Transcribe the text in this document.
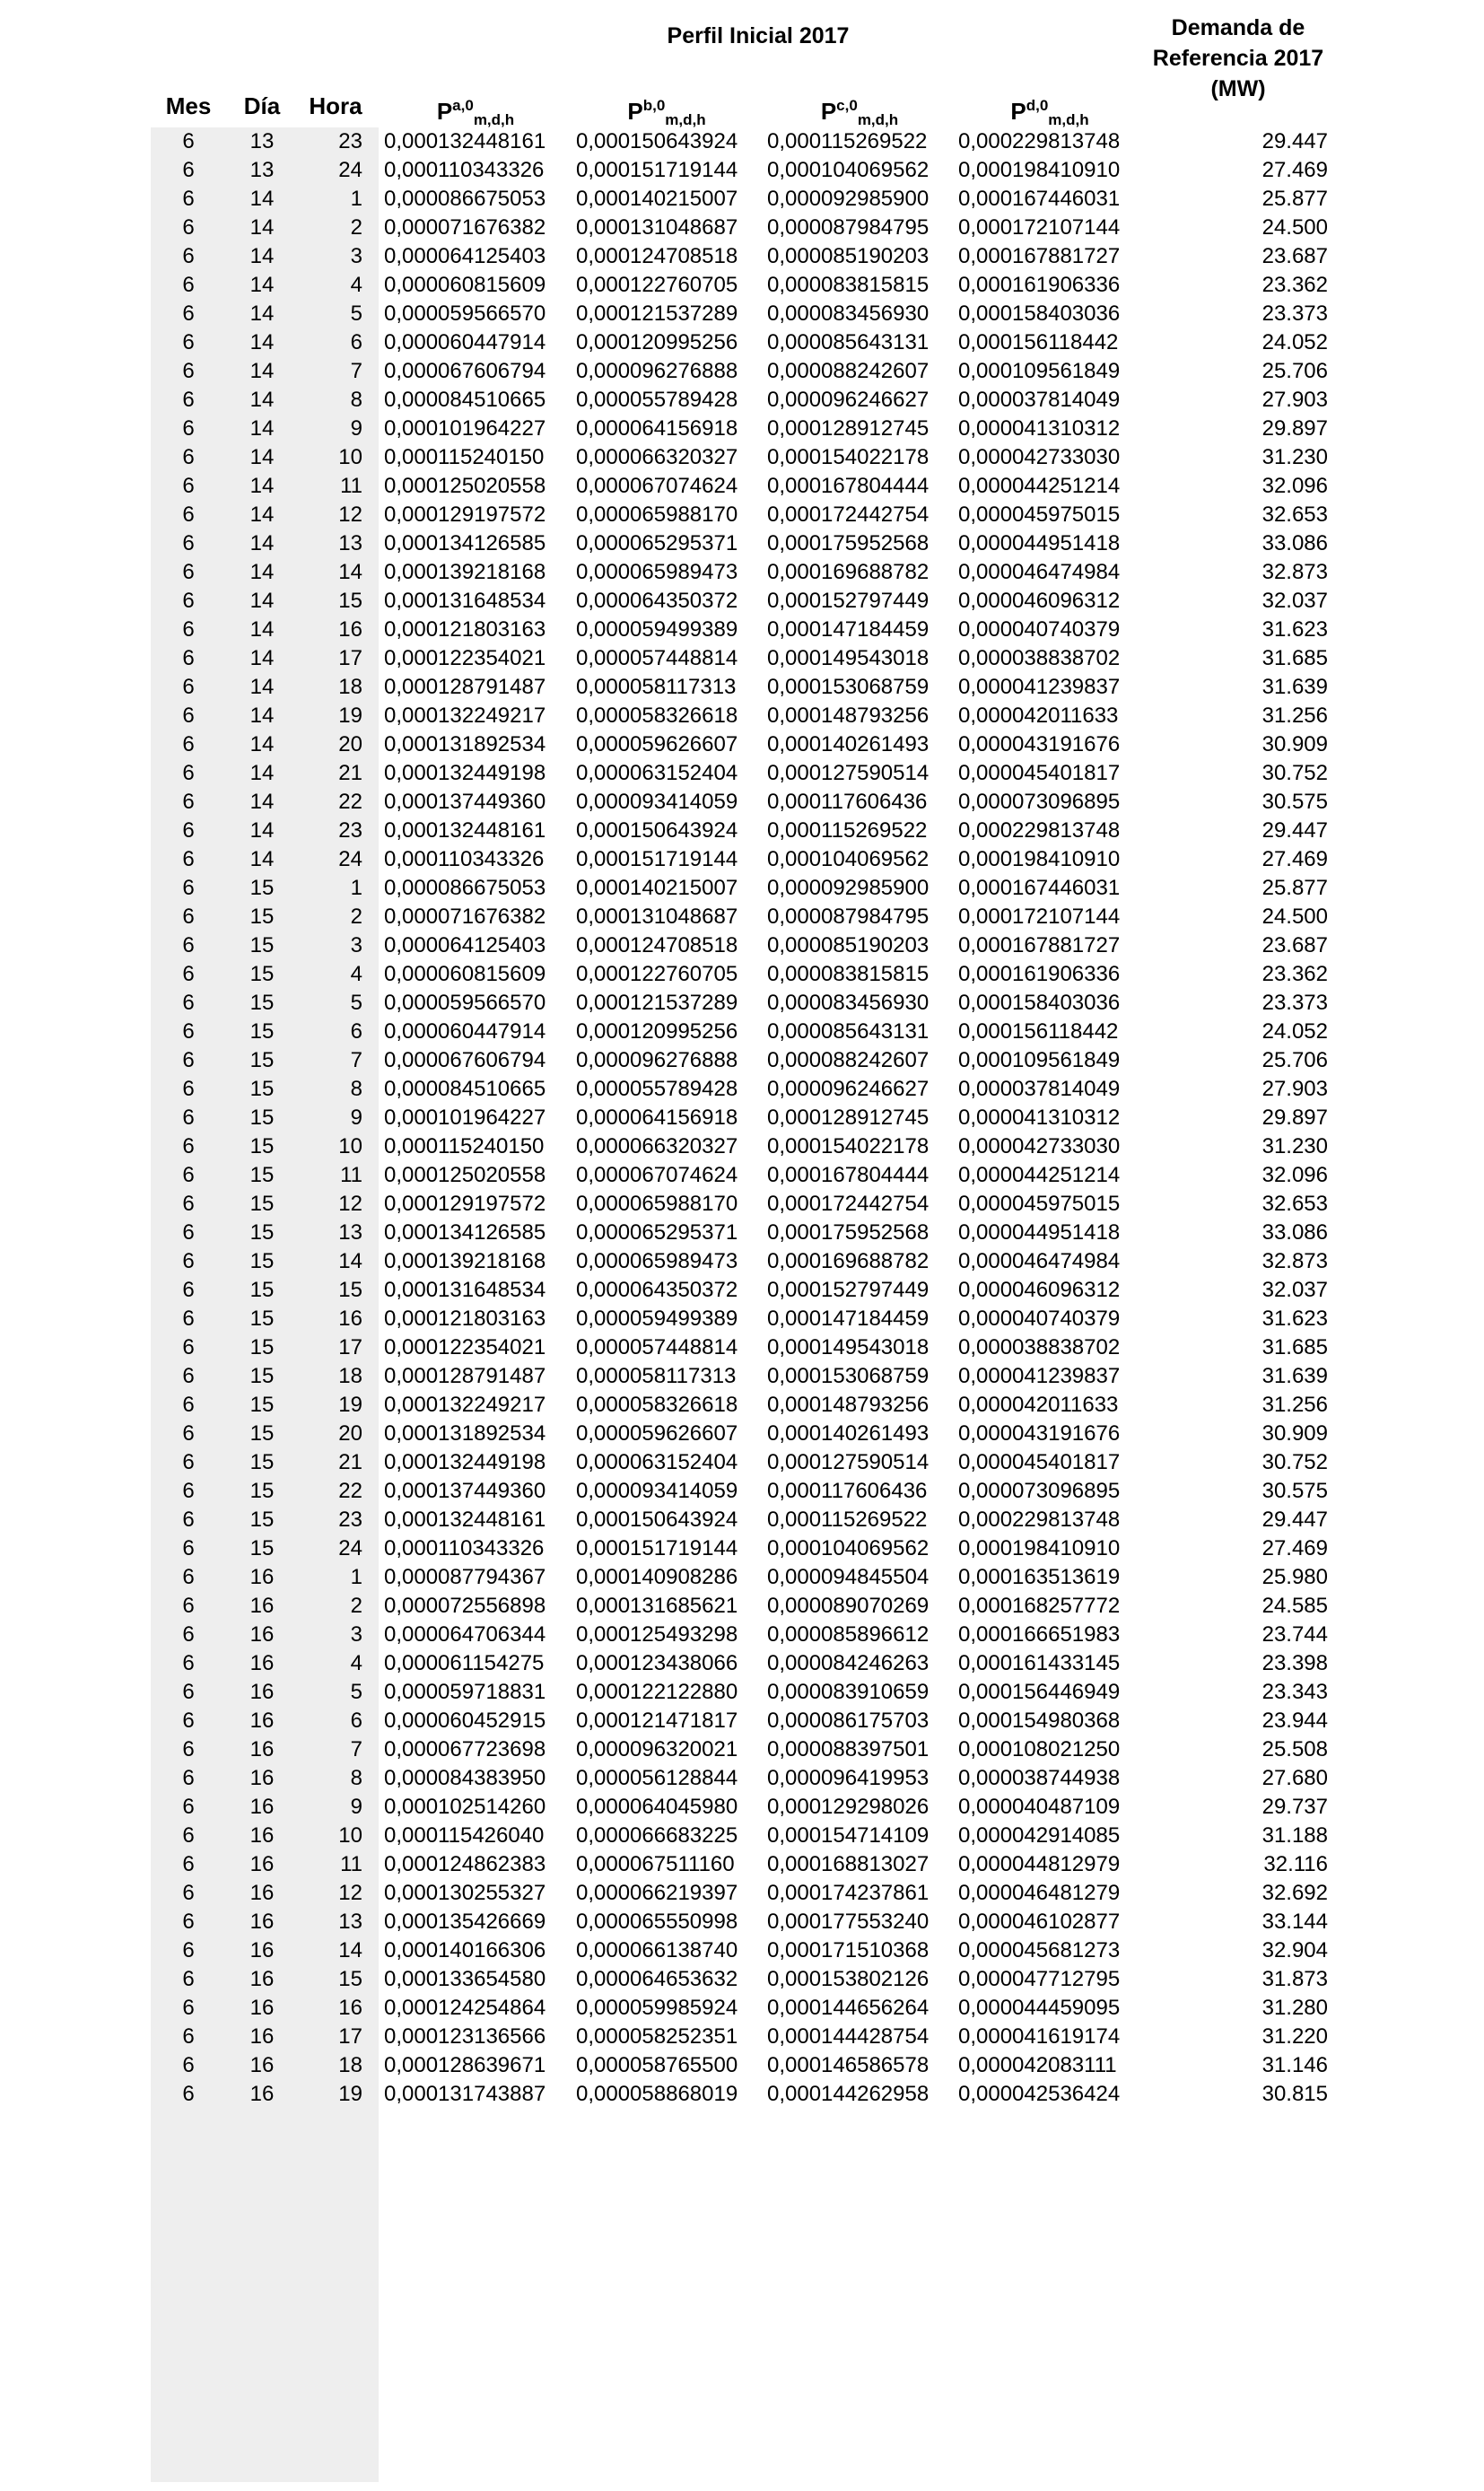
Perfil Inicial 2017	Demanda de
Referencia 2017
(MW)
Mes	Día	Hora	P$^{a,0}_{m,d,h}$	P$^{b,0}_{m,d,h}$	P$^{c,0}_{m,d,h}$	P$^{d,0}_{m,d,h}$
6	13	23 0,000132448161	0,000150643924	0,000115269522	0,000229813748	29.447
6	13	24 0,000110343326	0,000151719144	0,000104069562	0,000198410910	27.469
6	14	1 0,000086675053	0,000140215007	0,000092985900	0,000167446031	25.877
6	14	2 0,000071676382	0,000131048687	0,000087984795	0,000172107144	24.500
6	14	3 0,000064125403	0,000124708518	0,000085190203	0,000167881727	23.687
6	14	4 0,000060815609	0,000122760705	0,000083815815	0,000161906336	23.362
6	14	5 0,000059566570	0,000121537289	0,000083456930	0,000158403036	23.373
6	14	6 0,000060447914	0,000120995256	0,000085643131	0,000156118442	24.052
6	14	7 0,000067606794	0,000096276888	0,000088242607	0,000109561849	25.706
6	14	8 0,000084510665	0,000055789428	0,000096246627	0,000037814049	27.903
6	14	9 0,000101964227	0,000064156918	0,000128912745	0,000041310312	29.897
6	14	10 0,000115240150	0,000066320327	0,000154022178	0,000042733030	31.230
6	14	11 0,000125020558	0,000067074624	0,000167804444	0,000044251214	32.096
6	14	12 0,000129197572	0,000065988170	0,000172442754	0,000045975015	32.653
6	14	13 0,000134126585	0,000065295371	0,000175952568	0,000044951418	33.086
6	14	14 0,000139218168	0,000065989473	0,000169688782	0,000046474984	32.873
6	14	15 0,000131648534	0,000064350372	0,000152797449	0,000046096312	32.037
6	14	16 0,000121803163	0,000059499389	0,000147184459	0,000040740379	31.623
6	14	17 0,000122354021	0,000057448814	0,000149543018	0,000038838702	31.685
6	14	18 0,000128791487	0,000058117313	0,000153068759	0,000041239837	31.639
6	14	19 0,000132249217	0,000058326618	0,000148793256	0,000042011633	31.256
6	14	20 0,000131892534	0,000059626607	0,000140261493	0,000043191676	30.909
6	14	21 0,000132449198	0,000063152404	0,000127590514	0,000045401817	30.752
6	14	22 0,000137449360	0,000093414059	0,000117606436	0,000073096895	30.575
6	14	23 0,000132448161	0,000150643924	0,000115269522	0,000229813748	29.447
6	14	24 0,000110343326	0,000151719144	0,000104069562	0,000198410910	27.469
6	15	1 0,000086675053	0,000140215007	0,000092985900	0,000167446031	25.877
6	15	2 0,000071676382	0,000131048687	0,000087984795	0,000172107144	24.500
6	15	3 0,000064125403	0,000124708518	0,000085190203	0,000167881727	23.687
6	15	4 0,000060815609	0,000122760705	0,000083815815	0,000161906336	23.362
6	15	5 0,000059566570	0,000121537289	0,000083456930	0,000158403036	23.373
6	15	6 0,000060447914	0,000120995256	0,000085643131	0,000156118442	24.052
6	15	7 0,000067606794	0,000096276888	0,000088242607	0,000109561849	25.706
6	15	8 0,000084510665	0,000055789428	0,000096246627	0,000037814049	27.903
6	15	9 0,000101964227	0,000064156918	0,000128912745	0,000041310312	29.897
6	15	10 0,000115240150	0,000066320327	0,000154022178	0,000042733030	31.230
6	15	11 0,000125020558	0,000067074624	0,000167804444	0,000044251214	32.096
6	15	12 0,000129197572	0,000065988170	0,000172442754	0,000045975015	32.653
6	15	13 0,000134126585	0,000065295371	0,000175952568	0,000044951418	33.086
6	15	14 0,000139218168	0,000065989473	0,000169688782	0,000046474984	32.873
6	15	15 0,000131648534	0,000064350372	0,000152797449	0,000046096312	32.037
6	15	16 0,000121803163	0,000059499389	0,000147184459	0,000040740379	31.623
6	15	17 0,000122354021	0,000057448814	0,000149543018	0,000038838702	31.685
6	15	18 0,000128791487	0,000058117313	0,000153068759	0,000041239837	31.639
6	15	19 0,000132249217	0,000058326618	0,000148793256	0,000042011633	31.256
6	15	20 0,000131892534	0,000059626607	0,000140261493	0,000043191676	30.909
6	15	21 0,000132449198	0,000063152404	0,000127590514	0,000045401817	30.752
6	15	22 0,000137449360	0,000093414059	0,000117606436	0,000073096895	30.575
6	15	23 0,000132448161	0,000150643924	0,000115269522	0,000229813748	29.447
6	15	24 0,000110343326	0,000151719144	0,000104069562	0,000198410910	27.469
6	16	1 0,000087794367	0,000140908286	0,000094845504	0,000163513619	25.980
6	16	2 0,000072556898	0,000131685621	0,000089070269	0,000168257772	24.585
6	16	3 0,000064706344	0,000125493298	0,000085896612	0,000166651983	23.744
6	16	4 0,000061154275	0,000123438066	0,000084246263	0,000161433145	23.398
6	16	5 0,000059718831	0,000122122880	0,000083910659	0,000156446949	23.343
6	16	6 0,000060452915	0,000121471817	0,000086175703	0,000154980368	23.944
6	16	7 0,000067723698	0,000096320021	0,000088397501	0,000108021250	25.508
6	16	8 0,000084383950	0,000056128844	0,000096419953	0,000038744938	27.680
6	16	9 0,000102514260	0,000064045980	0,000129298026	0,000040487109	29.737
6	16	10 0,000115426040	0,000066683225	0,000154714109	0,000042914085	31.188
6	16	11 0,000124862383	0,000067511160	0,000168813027	0,000044812979	32.116
6	16	12 0,000130255327	0,000066219397	0,000174237861	0,000046481279	32.692
6	16	13 0,000135426669	0,000065550998	0,000177553240	0,000046102877	33.144
6	16	14 0,000140166306	0,000066138740	0,000171510368	0,000045681273	32.904
6	16	15 0,000133654580	0,000064653632	0,000153802126	0,000047712795	31.873
6	16	16 0,000124254864	0,000059985924	0,000144656264	0,000044459095	31.280
6	16	17 0,000123136566	0,000058252351	0,000144428754	0,000041619174	31.220
6	16	18 0,000128639671	0,000058765500	0,000146586578	0,000042083111	31.146
6	16	19 0,000131743887	0,000058868019	0,000144262958	0,000042536424	30.815
